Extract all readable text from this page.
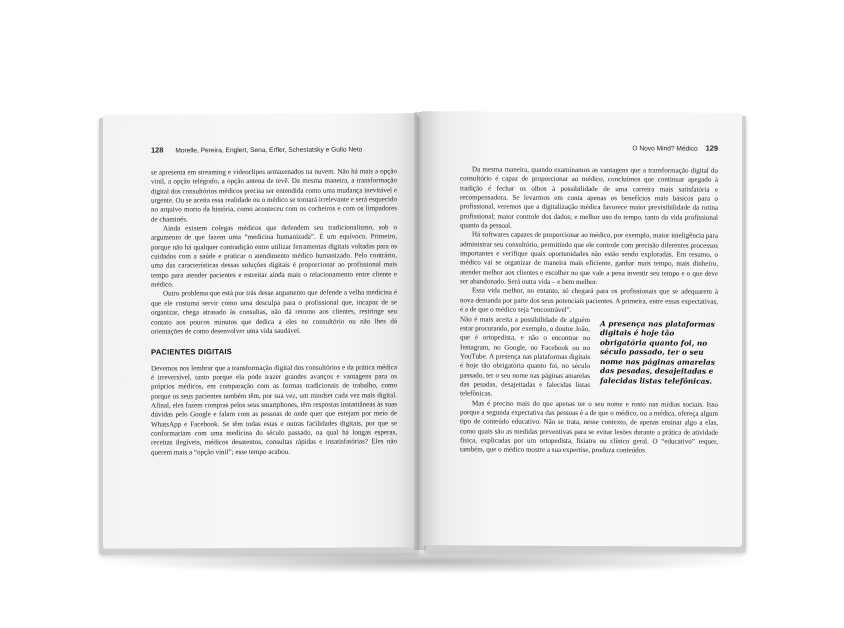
128 Morelle, Pereira, Englert, Sena, Erfler, Schestatsky e Gullo Neto

se apresenta em streaming e videoclipes armazenados na nuvem. Não há mais a opção vinil, a opção telégrafo, a opção antena de tevê. Da mesma maneira, a transformação digital dos consultórios médicos precisa ser entendida como uma mudança inevitável e urgente. Ou se aceita essa realidade ou o médico se tornará irrelevante e será esquecido no arquivo morto da história, como aconteceu com os cocheiros e com os limpadores de chaminés.

Ainda existem colegas médicos que defendem seu tradicionalismo, sob o argumento de que fazem uma “medicina humanizada”. É um equívoco. Primeiro, porque não há qualquer contradição entre utilizar ferramentas digitais voltadas para os cuidados com a saúde e praticar o atendimento médico humanizado. Pelo contrário, uma das características dessas soluções digitais é proporcionar ao profissional mais tempo para atender pacientes e estreitar ainda mais o relacionamento entre cliente e médico.

Outro problema que está por trás desse argumento que defende a velha medicina é que ele costuma servir como uma desculpa para o profissional que, incapaz de se organizar, chega atrasado às consultas, não dá retorno aos clientes, restringe seu contato aos poucos minutos que dedica a eles no consultório ou não lhes dá orientações de como desenvolver uma vida saudável.

PACIENTES DIGITAIS

Devemos nos lembrar que a transformação digital dos consultórios e da prática médica é irreversível, tanto porque ela pode trazer grandes avanços e vantagens para os próprios médicos, em comparação com as formas tradicionais de trabalho, como porque os seus pacientes também têm, por sua vez, um mindset cada vez mais digital. Afinal, eles fazem compras pelos seus smartphones, têm respostas instantâneas às suas dúvidas pelo Google e falam com as pessoas de onde quer que estejam por meio de WhatsApp e Facebook. Se têm todas estas e outras facilidades digitais, por que se conformariam com uma medicina do século passado, na qual há longas esperas, receitas ilegíveis, médicos desatentos, consultas rápidas e insatisfatórias? Eles não querem mais a “opção vinil”; esse tempo acabou.

O Novo Mind? Médico 129

Da mesma maneira, quando examinamos as vantagens que a transformação digital do consultório é capaz de proporcionar ao médico, concluímos que continuar apegado à tradição é fechar os olhos à possibilidade de uma carreira mais satisfatória e recompensadora. Se levarmos em conta apenas os benefícios mais básicos para o profissional, veremos que a digitalização médica favorece maior previsibilidade da rotina profissional; maior controle dos dados; e melhor uso do tempo, tanto da vida profissional quanto da pessoal.

Há softwares capazes de proporcionar ao médico, por exemplo, maior inteligência para administrar seu consultório, permitindo que ele controle com precisão diferentes processos importantes e verifique quais oportunidades não estão sendo exploradas. Em resumo, o médico vai se organizar de maneira mais eficiente, ganhar mais tempo, mais dinheiro, atender melhor aos clientes e escolher no que vale a pena investir seu tempo e o que deve ser abandonado. Será outra vida – e bem melhor.

Essa vida melhor, no entanto, só chegará para os profissionais que se adequarem à nova demanda por parte dos seus potenciais pacientes. A primeira, entre essas expectativas, é a de que o médico seja “encontrável”.

A presença nas plataformas digitais é hoje tão obrigatória quanto foi, no século passado, ter o seu nome nas páginas amarelas das pesadas, desajeitadas e falecidas listas telefônicas.

Não é mais aceita a possibilidade de alguém estar procurando, por exemplo, o doutor João, que é ortopedista, e não o encontrar no Instagram, no Google, no Facebook ou no YouTube. A presença nas plataformas digitais é hoje tão obrigatória quanto foi, no século passado, ter o seu nome nas páginas amarelas das pesadas, desajeitadas e falecidas listas telefônicas.

Mas é preciso mais do que apenas ter o seu nome e rosto nas mídias sociais. Isso porque a segunda expectativa das pessoas é a de que o médico, ou a médica, ofereça algum tipo de conteúdo educativo. Não se trata, nesse contexto, de apenas ensinar algo a elas, como quais são as medidas preventivas para se evitar lesões durante a prática de atividade física, explicadas por um ortopedista, fisiatra ou clínico geral. O “educativo” requer, também, que o médico mostre a sua expertise, produza conteúdos
